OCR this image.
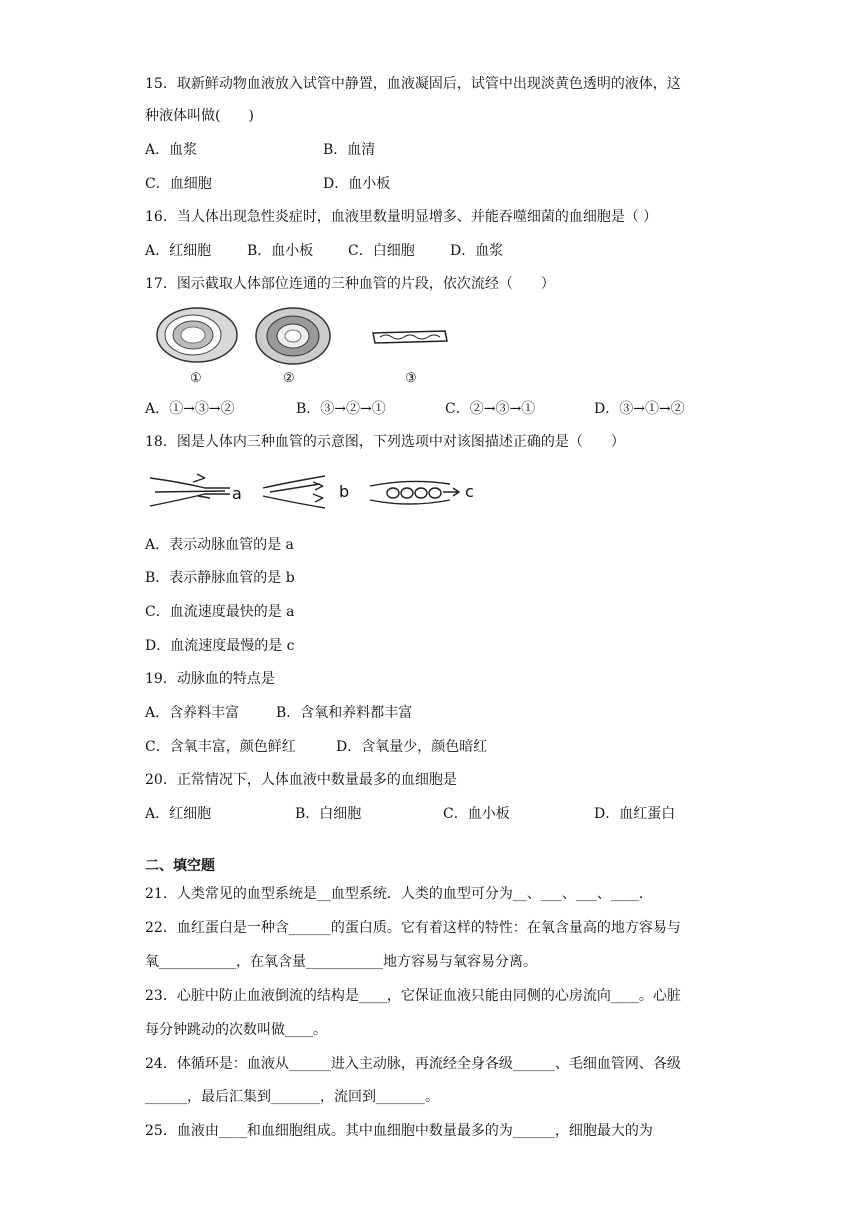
15．取新鲜动物血液放入试管中静置，血液凝固后，试管中出现淡黄色透明的液体，这
种液体叫做(　　)
A．血浆	B．血清
C．血细胞	D．血小板
16．当人体出现急性炎症时，血液里数量明显增多、并能吞噬细菌的血细胞是（ ）
A．红细胞	B．血小板 C．白细胞	D．血浆
17．图示截取人体部位连通的三种血管的片段，依次流经（　　）
①	②	③
A．①→③→②	B．③→②→①	C．②→③→①	D．③→①→②
18．图是人体内三种血管的示意图，下列选项中对该图描述正确的是（　　）
a	b	c
A．表示动脉血管的是 a
B．表示静脉血管的是 b
C．血流速度最快的是 a
D．血流速度最慢的是 c
19．动脉血的特点是
A．含养料丰富	B．含氧和养料都丰富
C．含氧丰富，颜色鲜红	D．含氧量少，颜色暗红
20．正常情况下，人体血液中数量最多的血细胞是
A．红细胞	B．白细胞	C．血小板	D．血红蛋白
二、填空题
21．人类常见的血型系统是__血型系统．人类的血型可分为__、___、___、____．
22．血红蛋白是一种含______的蛋白质。它有着这样的特性：在氧含量高的地方容易与
氧___________，在氧含量___________地方容易与氧容易分离。
23．心脏中防止血液倒流的结构是____，它保证血液只能由同侧的心房流向____。心脏
每分钟跳动的次数叫做____。
24．体循环是：血液从______进入主动脉，再流经全身各级______、毛细血管网、各级
______，最后汇集到_______，流回到_______。
25．血液由____和血细胞组成。其中血细胞中数量最多的为______，细胞最大的为
